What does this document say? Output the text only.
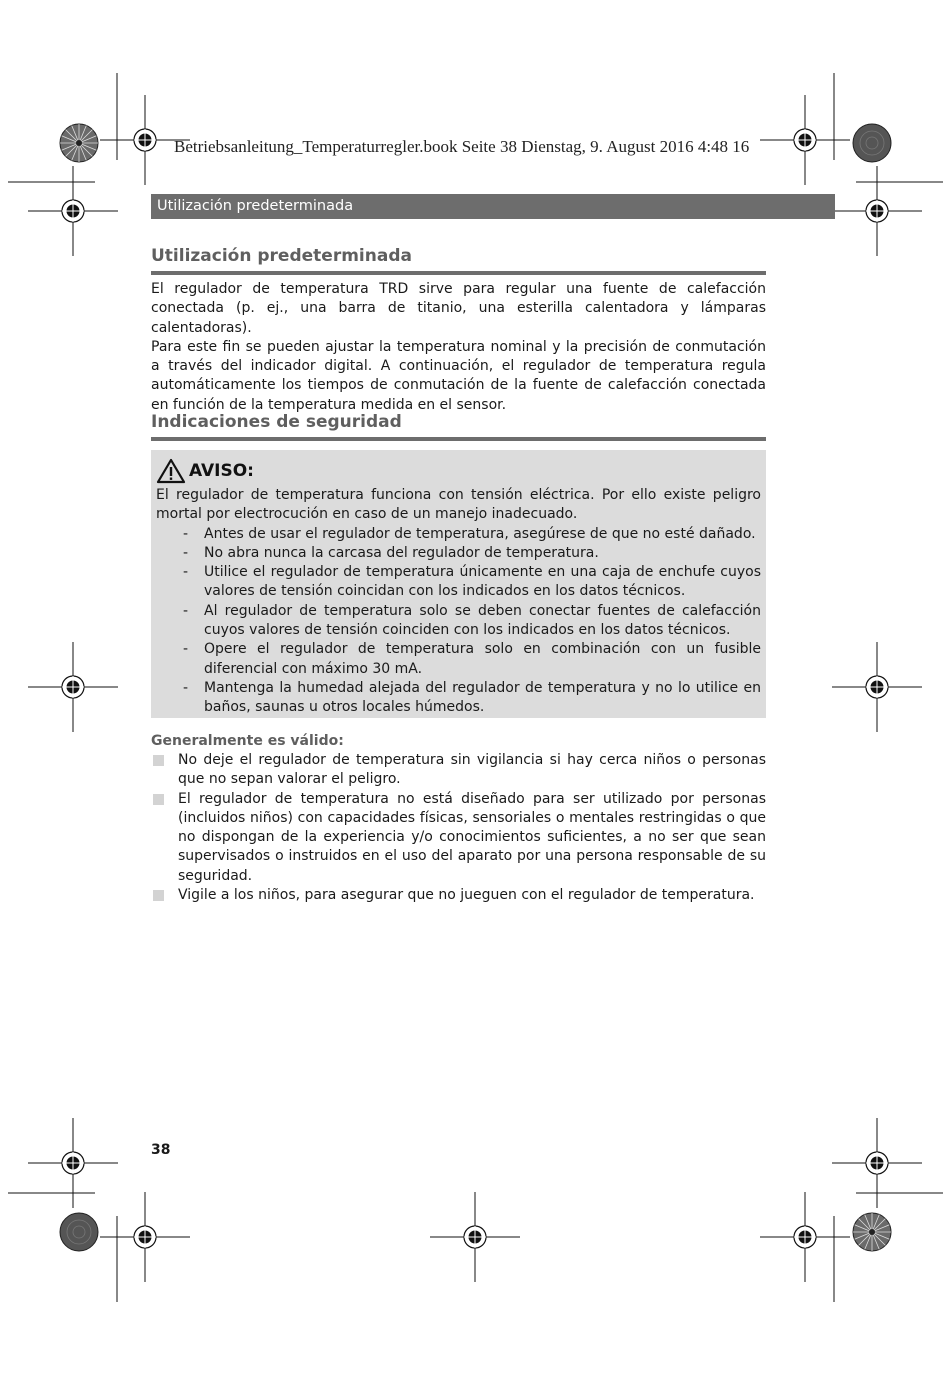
Betriebsanleitung_Temperaturregler.book Seite 38 Dienstag, 9. August 2016 4:48 16
Utilización predeterminada
Utilización predeterminada

El regulador de temperatura TRD sirve para regular una fuente de calefacción conectada (p. ej., una barra de titanio, una esterilla calentadora y lámparas calentadoras).

Para este fin se pueden ajustar la temperatura nominal y la precisión de conmutación a través del indicador digital. A continuación, el regulador de temperatura regula automáticamente los tiempos de conmutación de la fuente de calefacción conectada en función de la temperatura medida en el sensor.

Indicaciones de seguridad
AVISO:
El regulador de temperatura funciona con tensión eléctrica. Por ello existe peligro mortal por electrocución en caso de un manejo inadecuado.
- Antes de usar el regulador de temperatura, asegúrese de que no esté dañado.
- No abra nunca la carcasa del regulador de temperatura.
- Utilice el regulador de temperatura únicamente en una caja de enchufe cuyos valores de tensión coincidan con los indicados en los datos técnicos.
- Al regulador de temperatura solo se deben conectar fuentes de calefacción cuyos valores de tensión coinciden con los indicados en los datos técnicos.
- Opere el regulador de temperatura solo en combinación con un fusible diferencial con máximo 30 mA.
- Mantenga la humedad alejada del regulador de temperatura y no lo utilice en baños, saunas u otros locales húmedos.
Generalmente es válido:
No deje el regulador de temperatura sin vigilancia si hay cerca niños o personas que no sepan valorar el peligro.
El regulador de temperatura no está diseñado para ser utilizado por personas (incluidos niños) con capacidades físicas, sensoriales o mentales restringidas o que no dispongan de la experiencia y/o conocimientos suficientes, a no ser que sean supervisados o instruidos en el uso del aparato por una persona responsable de su seguridad.
Vigile a los niños, para asegurar que no jueguen con el regulador de temperatura.
38
